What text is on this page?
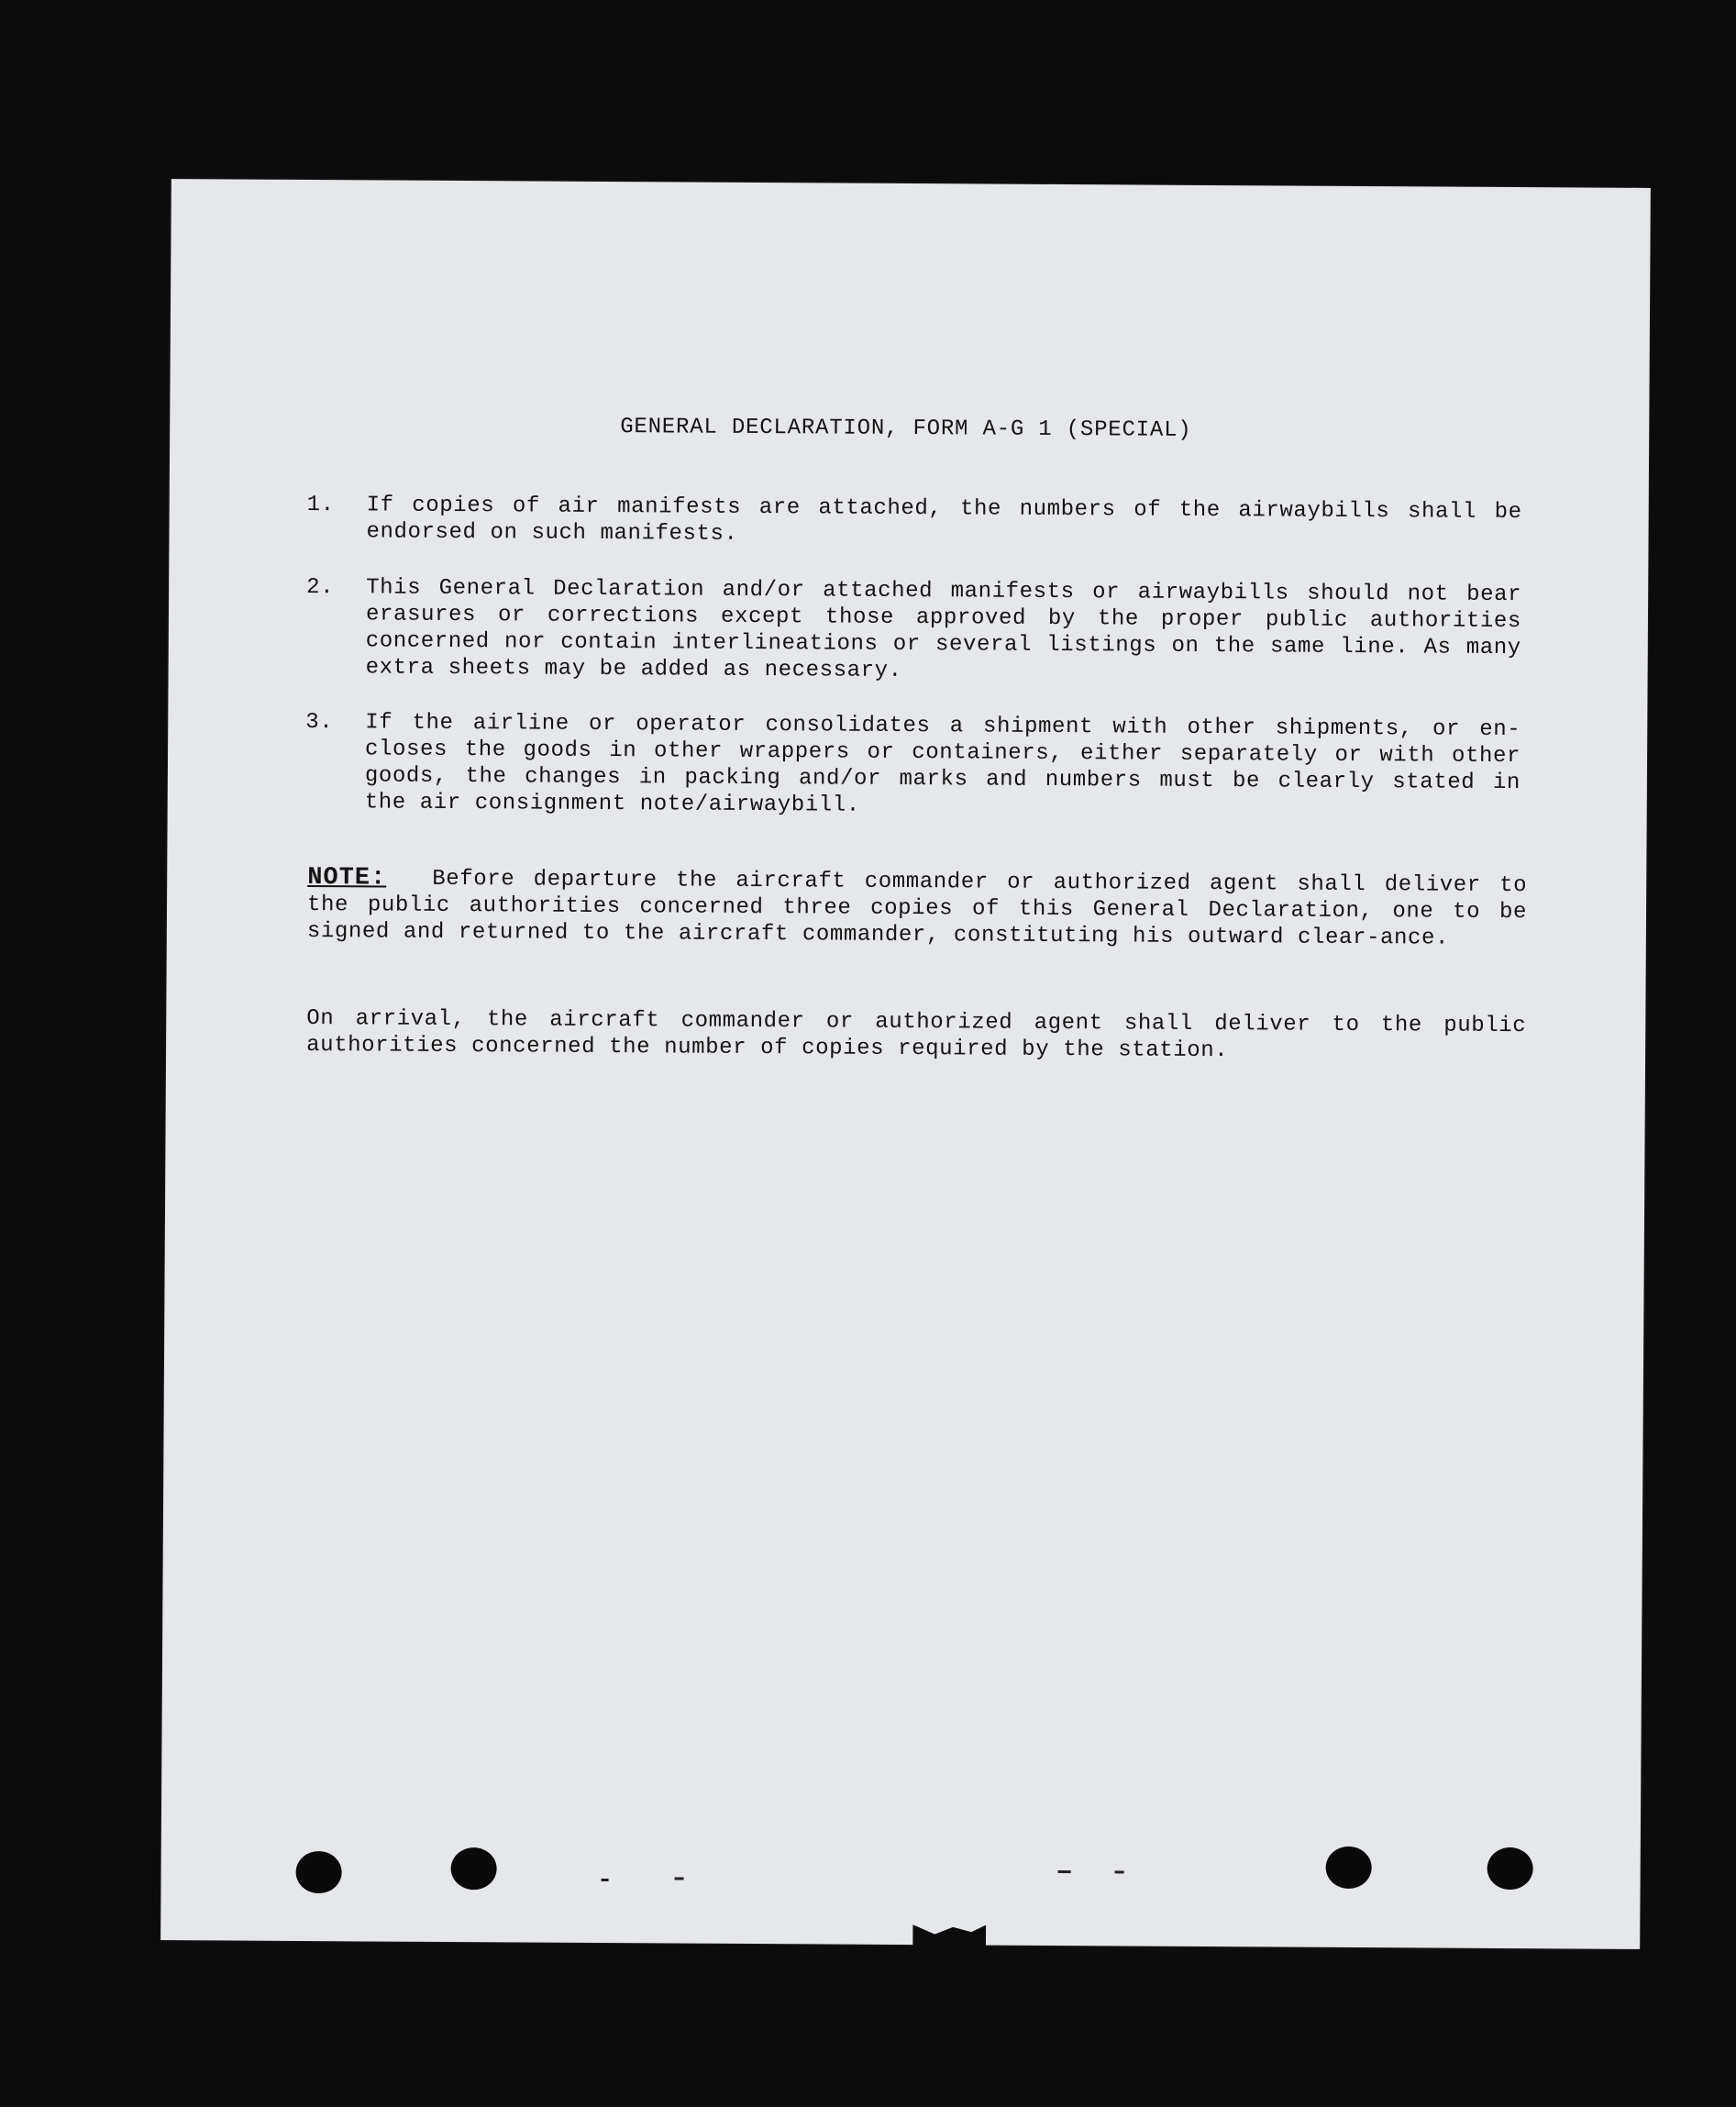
GENERAL DECLARATION, FORM A-G 1 (SPECIAL)
1.	If copies of air manifests are attached, the numbers of the airwaybills shall be endorsed on such manifests.
2.	This General Declaration and/or attached manifests or airwaybills should not bear erasures or corrections except those approved by the proper public authorities concerned nor contain interlineations or several listings on the same line. As many extra sheets may be added as necessary.
3.	If the airline or operator consolidates a shipment with other shipments, or en-closes the goods in other wrappers or containers, either separately or with other goods, the changes in packing and/or marks and numbers must be clearly stated in the air consignment note/airwaybill.
NOTE: Before departure the aircraft commander or authorized agent shall deliver to the public authorities concerned three copies of this General Declaration, one to be signed and returned to the aircraft commander, constituting his outward clear-ance.
On arrival, the aircraft commander or authorized agent shall deliver to the public authorities concerned the number of copies required by the station.
